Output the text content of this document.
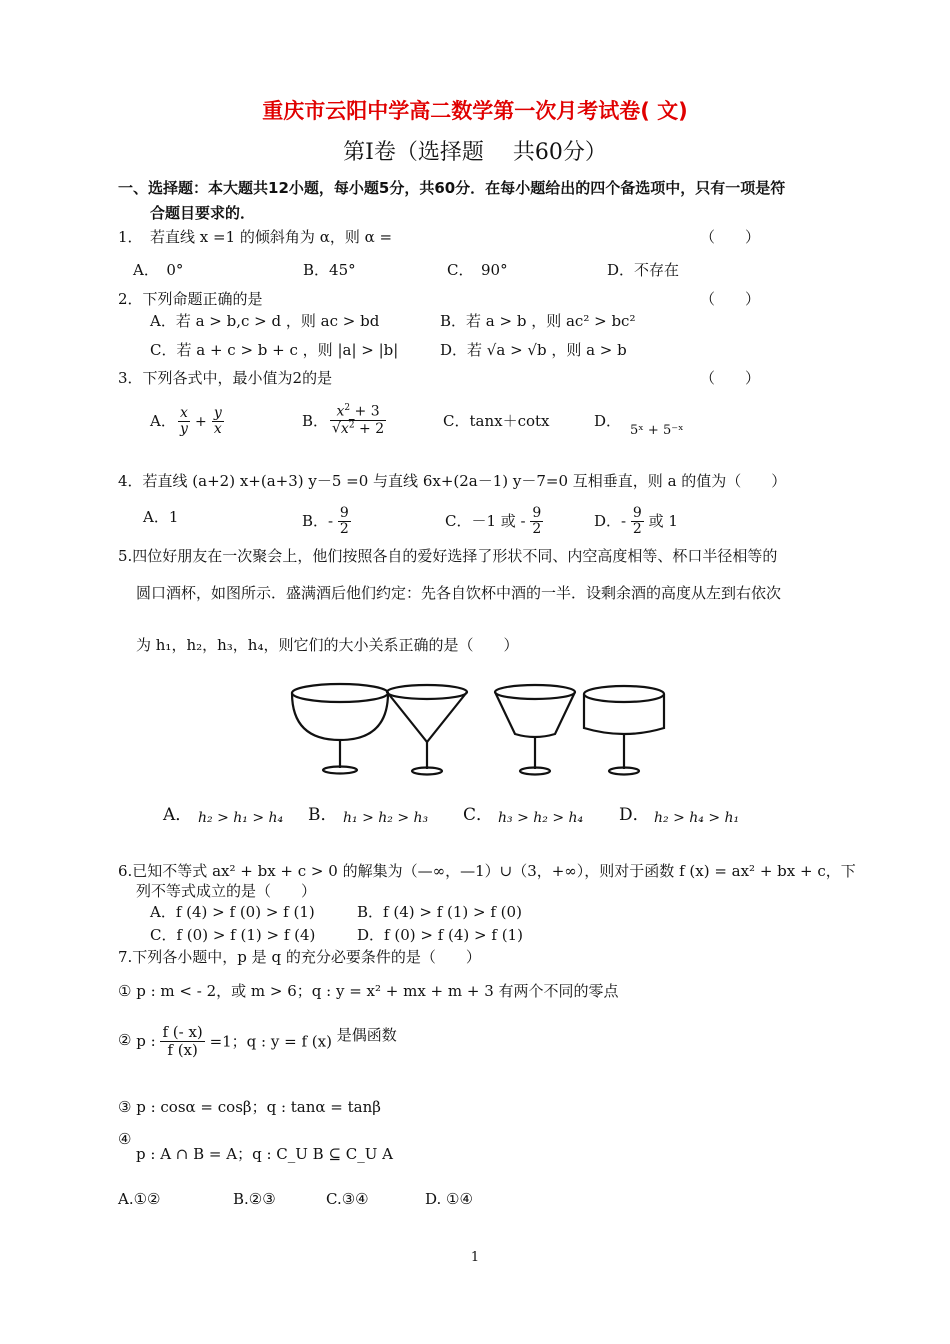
重庆市云阳中学高二数学第一次月考试卷( 文)
第Ⅰ卷（选择题　 共60分）
一、选择题：本大题共12小题，每小题5分，共60分．在每小题给出的四个备选项中，只有一项是符
合题目要求的．
1．　若直线 x =1 的倾斜角为 α，则 α =	（　　）
A．　0°	B．45°	C．　90°	D．不存在
2．下列命题正确的是	（　　）
A．若 a > b,c > d ，则 ac > bd	B．若 a > b ，则 ac² > bc²
C．若 a + c > b + c ，则 |a| > |b|	D．若 √a > √b ，则 a > b
3．下列各式中，最小值为2的是	（　　）
A． $\frac{x}{y} + \frac{y}{x}$	B． $\frac{x^2 + 3}{√x^2 + 2}$	C．tanx＋cotx	D．
5ˣ + 5⁻ˣ
4．若直线 (a+2) x+(a+3) y－5 =0 与直线 6x+(2a－1) y－7=0 互相垂直，则 a 的值为（　　）
A．1	B．- $\frac{9}{2}$	C．－1 或 - $\frac{9}{2}$	D．- $\frac{9}{2}$ 或 1
5.四位好朋友在一次聚会上，他们按照各自的爱好选择了形状不同、内空高度相等、杯口半径相等的
圆口酒杯，如图所示．盛满酒后他们约定：先各自饮杯中酒的一半．设剩余酒的高度从左到右依次
为 h₁，h₂，h₃，h₄，则它们的大小关系正确的是（　　）
A． h₂ > h₁ > h₄ B． h₁ > h₂ > h₃ C． h₃ > h₂ > h₄ D． h₂ > h₄ > h₁
6.已知不等式 ax² + bx + c > 0 的解集为（—∞，—1）∪（3，+∞），则对于函数 f (x) = ax² + bx + c，下
列不等式成立的是（　　）
A．f (4) > f (0) > f (1)	B．f (4) > f (1) > f (0)
C．f (0) > f (1) > f (4)	D．f (0) > f (4) > f (1)
7.下列各小题中，p 是 q 的充分必要条件的是（　　）
① p : m < - 2，或 m > 6；q : y = x² + mx + m + 3 有两个不同的零点
② p : $\frac{f (- x)}{f (x)} =1$；q : y = f (x) 是偶函数
③ p : cosα = cosβ；q : tanα = tanβ
④
p : A ∩ B = A；q : C_U B ⊆ C_U A
A.①②	B.②③	C.③④	D. ①④
1
